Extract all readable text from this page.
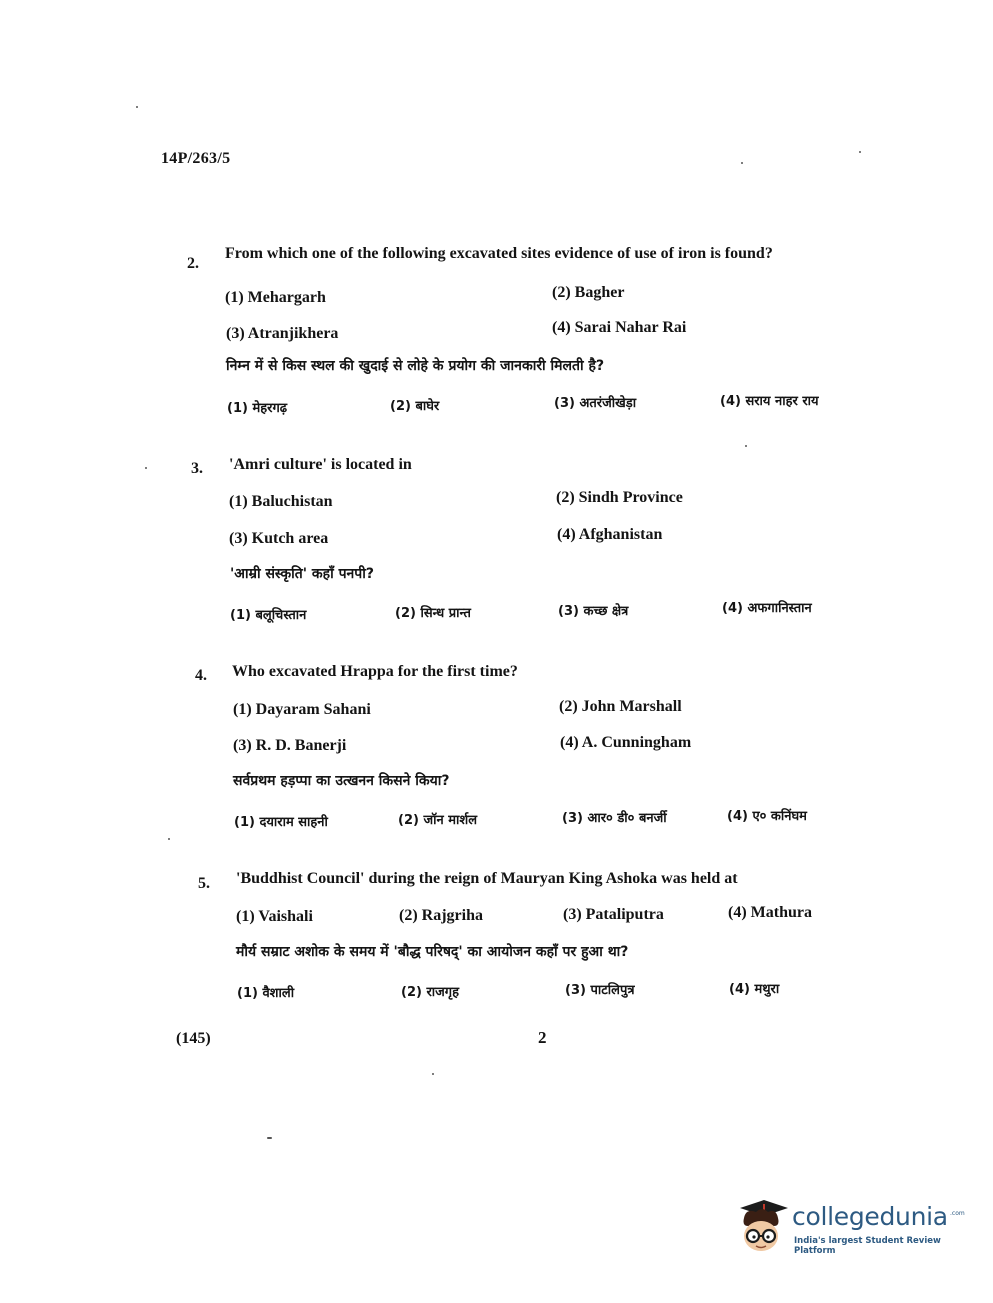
14P/263/5
2.
From which one of the following excavated sites evidence of use of iron is found?
(1) Mehargarh	(2) Bagher
(3) Atranjikhera	(4) Sarai Nahar Rai
निम्न में से किस स्थल की खुदाई से लोहे के प्रयोग की जानकारी मिलती है?
(1) मेहरगढ़	(2) बाघेर	(3) अतरंजीखेड़ा	(4) सराय नाहर राय
3. 'Amri culture' is located in
(1) Baluchistan	(2) Sindh Province
(3) Kutch area	(4) Afghanistan
'आम्री संस्कृति' कहाँ पनपी?
(1) बलूचिस्तान	(2) सिन्ध प्रान्त	(3) कच्छ क्षेत्र	(4) अफगानिस्तान
4. Who excavated Hrappa for the first time?
(1) Dayaram Sahani	(2) John Marshall
(3) R. D. Banerji	(4) A. Cunningham
सर्वप्रथम हड़प्पा का उत्खनन किसने किया?
(1) दयाराम साहनी	(2) जॉन मार्शल	(3) आर० डी० बनर्जी	(4) ए० कनिंघम
5. 'Buddhist Council' during the reign of Mauryan King Ashoka was held at
(1) Vaishali	(2) Rajgriha	(3) Pataliputra	(4) Mathura
मौर्य सम्राट अशोक के समय में 'बौद्ध परिषद्' का आयोजन कहाँ पर हुआ था?
(1) वैशाली	(2) राजगृह	(3) पाटलिपुत्र	(4) मथुरा
(145)	2
collegedunia .com
India's largest Student Review Platform
